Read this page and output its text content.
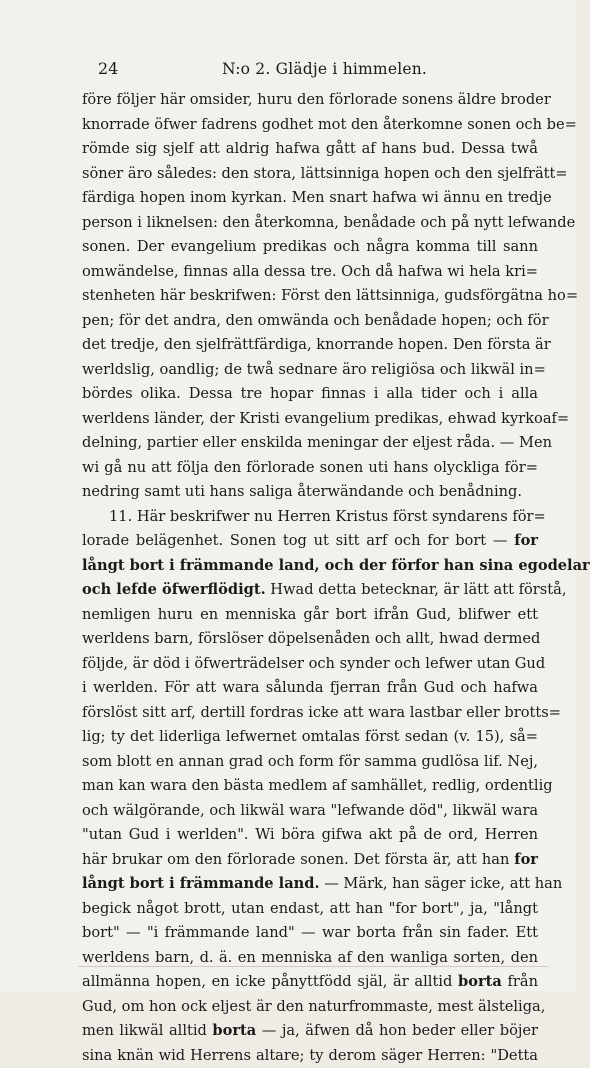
24	N:o 2. Glädje i himmelen.
före följer här omsider, huru den förlorade sonens äldre broder
knorrade öfwer fadrens godhet mot den återkomne sonen och be=
römde sig sjelf att aldrig hafwa gått af hans bud. Dessa twå
söner äro således: den stora, lättsinniga hopen och den sjelfrätt=
färdiga hopen inom kyrkan. Men snart hafwa wi ännu en tredje
person i liknelsen: den återkomna, benådade och på nytt lefwande
sonen. Der evangelium predikas och några komma till sann
omwändelse, finnas alla dessa tre. Och då hafwa wi hela kri=
stenheten här beskrifwen: Först den lättsinniga, gudsförgätna ho=
pen; för det andra, den omwända och benådade hopen; och för
det tredje, den sjelfrättfärdiga, knorrande hopen. Den första är
werldslig, oandlig; de twå sednare äro religiösa och likwäl in=
bördes olika. Dessa tre hopar finnas i alla tider och i alla
werldens länder, der Kristi evangelium predikas, ehwad kyrkoaf=
delning, partier eller enskilda meningar der eljest råda. — Men
wi gå nu att följa den förlorade sonen uti hans olyckliga för=
nedring samt uti hans saliga återwändande och benådning.
11. Här beskrifwer nu Herren Kristus först syndarens för=
lorade belägenhet. Sonen tog ut sitt arf och for bort — for
långt bort i främmande land, och der förfor han sina egodelar
och lefde öfwerflödigt. Hwad detta betecknar, är lätt att förstå,
nemligen huru en menniska går bort ifrån Gud, blifwer ett
werldens barn, förslöser döpelsenåden och allt, hwad dermed
följde, är död i öfwerträdelser och synder och lefwer utan Gud
i werlden. För att wara sålunda fjerran från Gud och hafwa
förslöst sitt arf, dertill fordras icke att wara lastbar eller brotts=
lig; ty det liderliga lefwernet omtalas först sedan (v. 15), så=
som blott en annan grad och form för samma gudlösa lif. Nej,
man kan wara den bästa medlem af samhället, redlig, ordentlig
och wälgörande, och likwäl wara "lefwande död", likwäl wara
"utan Gud i werlden". Wi böra gifwa akt på de ord, Herren
här brukar om den förlorade sonen. Det första är, att han for
långt bort i främmande land. — Märk, han säger icke, att han
begick något brott, utan endast, att han "for bort", ja, "långt
bort" — "i främmande land" — war borta från sin fader. Ett
werldens barn, d. ä. en menniska af den wanliga sorten, den
allmänna hopen, en icke pånyttfödd själ, är alltid borta från
Gud, om hon ock eljest är den naturfrommaste, mest älsteliga,
men likwäl alltid borta — ja, äfwen då hon beder eller böjer
sina knän wid Herrens altare; ty derom säger Herren: "Detta
